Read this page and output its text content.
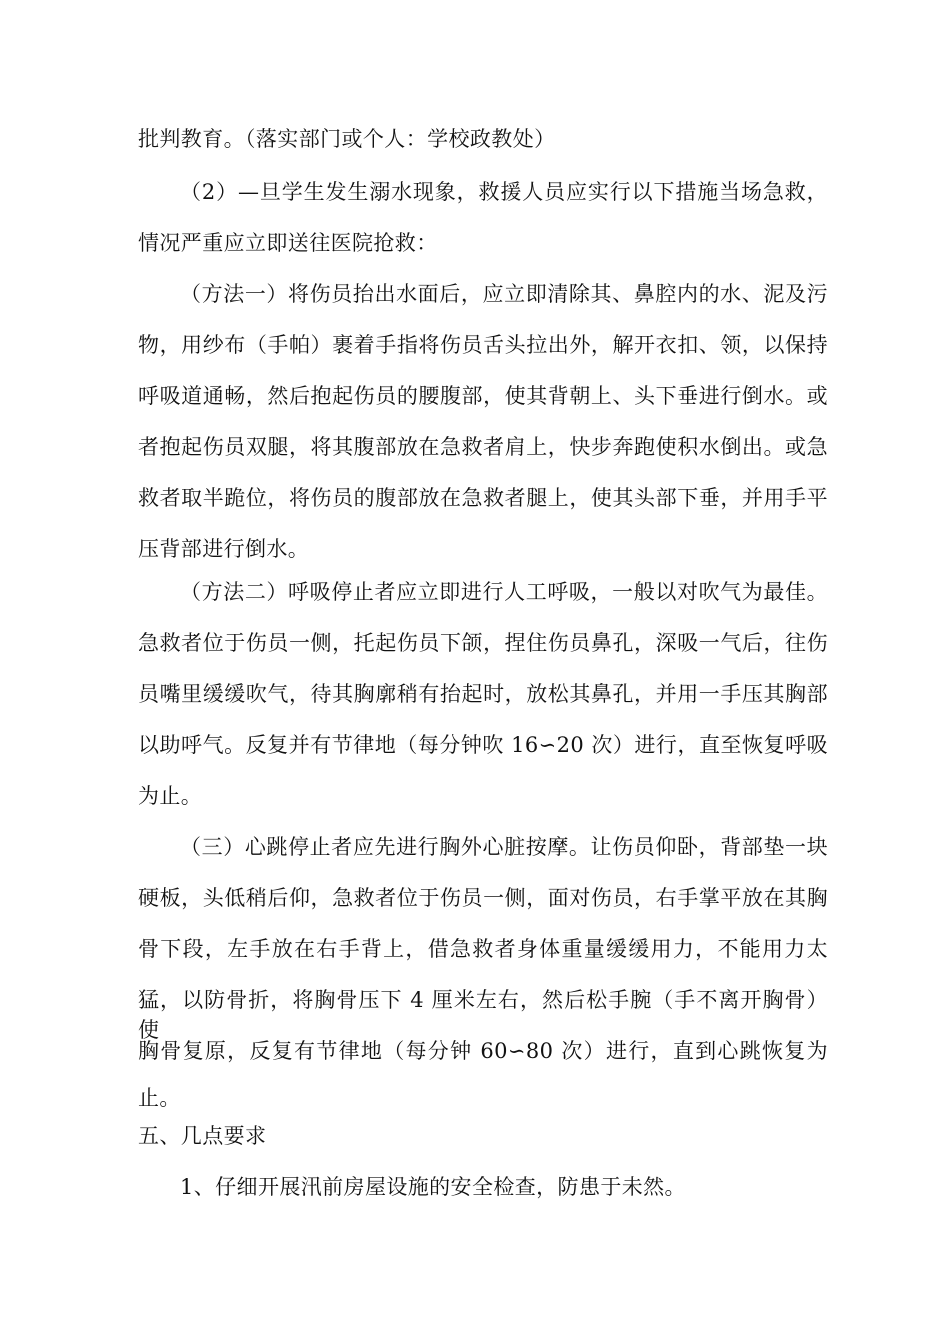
批判教育。（落实部门或个人：学校政教处）
（2）—旦学生发生溺水现象，救援人员应实行以下措施当场急救，
情况严重应立即送往医院抢救：
（方法一）将伤员抬出水面后，应立即清除其、鼻腔内的水、泥及污
物，用纱布（手帕）裹着手指将伤员舌头拉出外，解开衣扣、领，以保持
呼吸道通畅，然后抱起伤员的腰腹部，使其背朝上、头下垂进行倒水。或
者抱起伤员双腿，将其腹部放在急救者肩上，快步奔跑使积水倒出。或急
救者取半跪位，将伤员的腹部放在急救者腿上，使其头部下垂，并用手平
压背部进行倒水。
（方法二）呼吸停止者应立即进行人工呼吸，一般以对吹气为最佳。
急救者位于伤员一侧，托起伤员下颌，捏住伤员鼻孔，深吸一气后，往伤
员嘴里缓缓吹气，待其胸廓稍有抬起时，放松其鼻孔，并用一手压其胸部
以助呼气。反复并有节律地（每分钟吹 16∽20 次）进行，直至恢复呼吸
为止。
（三）心跳停止者应先进行胸外心脏按摩。让伤员仰卧，背部垫一块
硬板，头低稍后仰，急救者位于伤员一侧，面对伤员，右手掌平放在其胸
骨下段，左手放在右手背上，借急救者身体重量缓缓用力，不能用力太
猛，以防骨折，将胸骨压下 4 厘米左右，然后松手腕（手不离开胸骨）使
胸骨复原，反复有节律地（每分钟 60∽80 次）进行，直到心跳恢复为
止。
五、几点要求
1、仔细开展汛前房屋设施的安全检查，防患于未然。
